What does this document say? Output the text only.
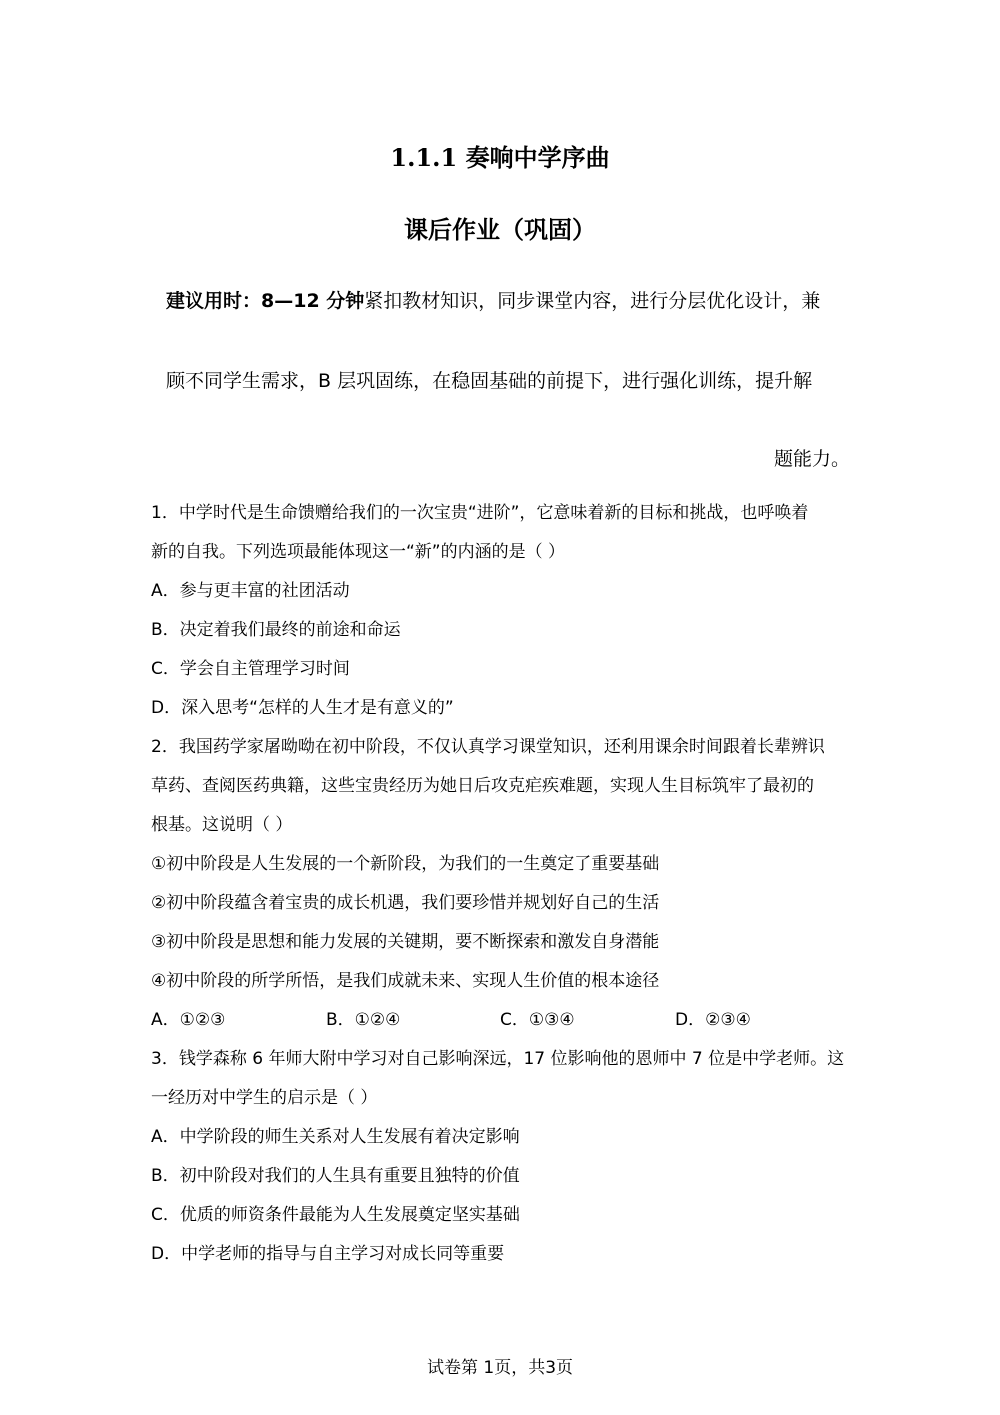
1.1.1 奏响中学序曲
课后作业（巩固）
建议用时：8—12 分钟紧扣教材知识，同步课堂内容，进行分层优化设计，兼
顾不同学生需求，B 层巩固练，在稳固基础的前提下，进行强化训练，提升解
题能力。
1．中学时代是生命馈赠给我们的一次宝贵“进阶”，它意味着新的目标和挑战，也呼唤着
新的自我。下列选项最能体现这一“新”的内涵的是（ ）
A．参与更丰富的社团活动
B．决定着我们最终的前途和命运
C．学会自主管理学习时间
D．深入思考“怎样的人生才是有意义的”
2．我国药学家屠呦呦在初中阶段，不仅认真学习课堂知识，还利用课余时间跟着长辈辨识
草药、查阅医药典籍，这些宝贵经历为她日后攻克疟疾难题，实现人生目标筑牢了最初的
根基。这说明（ ）
①初中阶段是人生发展的一个新阶段，为我们的一生奠定了重要基础
②初中阶段蕴含着宝贵的成长机遇，我们要珍惜并规划好自己的生活
③初中阶段是思想和能力发展的关键期，要不断探索和激发自身潜能
④初中阶段的所学所悟，是我们成就未来、实现人生价值的根本途径
A．①②③	B．①②④	C．①③④	D．②③④
3．钱学森称 6 年师大附中学习对自己影响深远，17 位影响他的恩师中 7 位是中学老师。这
一经历对中学生的启示是（ ）
A．中学阶段的师生关系对人生发展有着决定影响
B．初中阶段对我们的人生具有重要且独特的价值
C．优质的师资条件最能为人生发展奠定坚实基础
D．中学老师的指导与自主学习对成长同等重要
试卷第 1页，共3页
